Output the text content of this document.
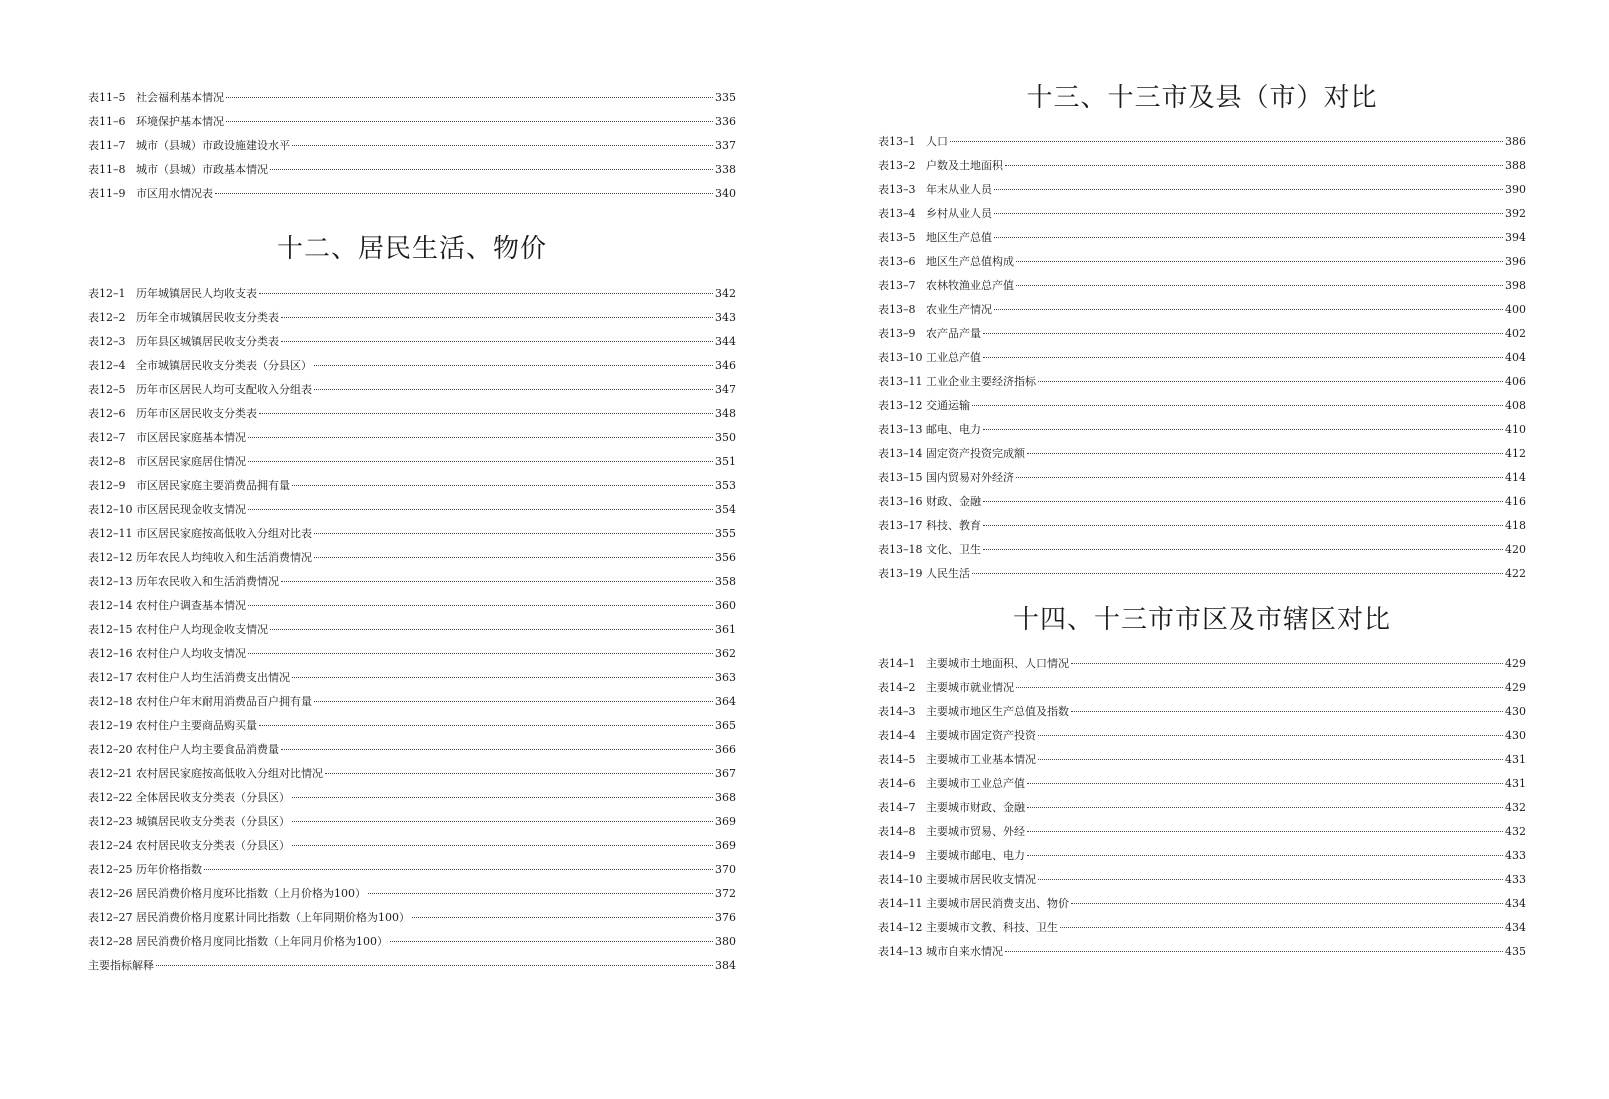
表11–5 社会福利基本情况	335
表11–6 环境保护基本情况	336
表11–7 城市（县城）市政设施建设水平	337
表11–8 城市（县城）市政基本情况	338
表11–9 市区用水情况表	340
十二、居民生活、物价
表12–1 历年城镇居民人均收支表	342
表12–2 历年全市城镇居民收支分类表	343
表12–3 历年县区城镇居民收支分类表	344
表12–4 全市城镇居民收支分类表（分县区）	346
表12–5 历年市区居民人均可支配收入分组表	347
表12–6 历年市区居民收支分类表	348
表12–7 市区居民家庭基本情况	350
表12–8 市区居民家庭居住情况	351
表12–9 市区居民家庭主要消费品拥有量	353
表12–10 市区居民现金收支情况	354
表12–11 市区居民家庭按高低收入分组对比表	355
表12–12 历年农民人均纯收入和生活消费情况	356
表12–13 历年农民收入和生活消费情况	358
表12–14 农村住户调查基本情况	360
表12–15 农村住户人均现金收支情况	361
表12–16 农村住户人均收支情况	362
表12–17 农村住户人均生活消费支出情况	363
表12–18 农村住户年末耐用消费品百户拥有量	364
表12–19 农村住户主要商品购买量	365
表12–20 农村住户人均主要食品消费量	366
表12–21 农村居民家庭按高低收入分组对比情况	367
表12–22 全体居民收支分类表（分县区）	368
表12–23 城镇居民收支分类表（分县区）	369
表12–24 农村居民收支分类表（分县区）	369
表12–25 历年价格指数	370
表12–26 居民消费价格月度环比指数（上月价格为100）	372
表12–27 居民消费价格月度累计同比指数（上年同期价格为100）	376
表12–28 居民消费价格月度同比指数（上年同月价格为100）	380
主要指标解释	384
十三、十三市及县（市）对比
表13–1 人口	386
表13–2 户数及土地面积	388
表13–3 年末从业人员	390
表13–4 乡村从业人员	392
表13–5 地区生产总值	394
表13–6 地区生产总值构成	396
表13–7 农林牧渔业总产值	398
表13–8 农业生产情况	400
表13–9 农产品产量	402
表13–10 工业总产值	404
表13–11 工业企业主要经济指标	406
表13–12 交通运输	408
表13–13 邮电、电力	410
表13–14 固定资产投资完成额	412
表13–15 国内贸易对外经济	414
表13–16 财政、金融	416
表13–17 科技、教育	418
表13–18 文化、卫生	420
表13–19 人民生活	422
十四、十三市市区及市辖区对比
表14–1 主要城市土地面积、人口情况	429
表14–2 主要城市就业情况	429
表14–3 主要城市地区生产总值及指数	430
表14–4 主要城市固定资产投资	430
表14–5 主要城市工业基本情况	431
表14–6 主要城市工业总产值	431
表14–7 主要城市财政、金融	432
表14–8 主要城市贸易、外经	432
表14–9 主要城市邮电、电力	433
表14–10 主要城市居民收支情况	433
表14–11 主要城市居民消费支出、物价	434
表14–12 主要城市文教、科技、卫生	434
表14–13 城市自来水情况	435
